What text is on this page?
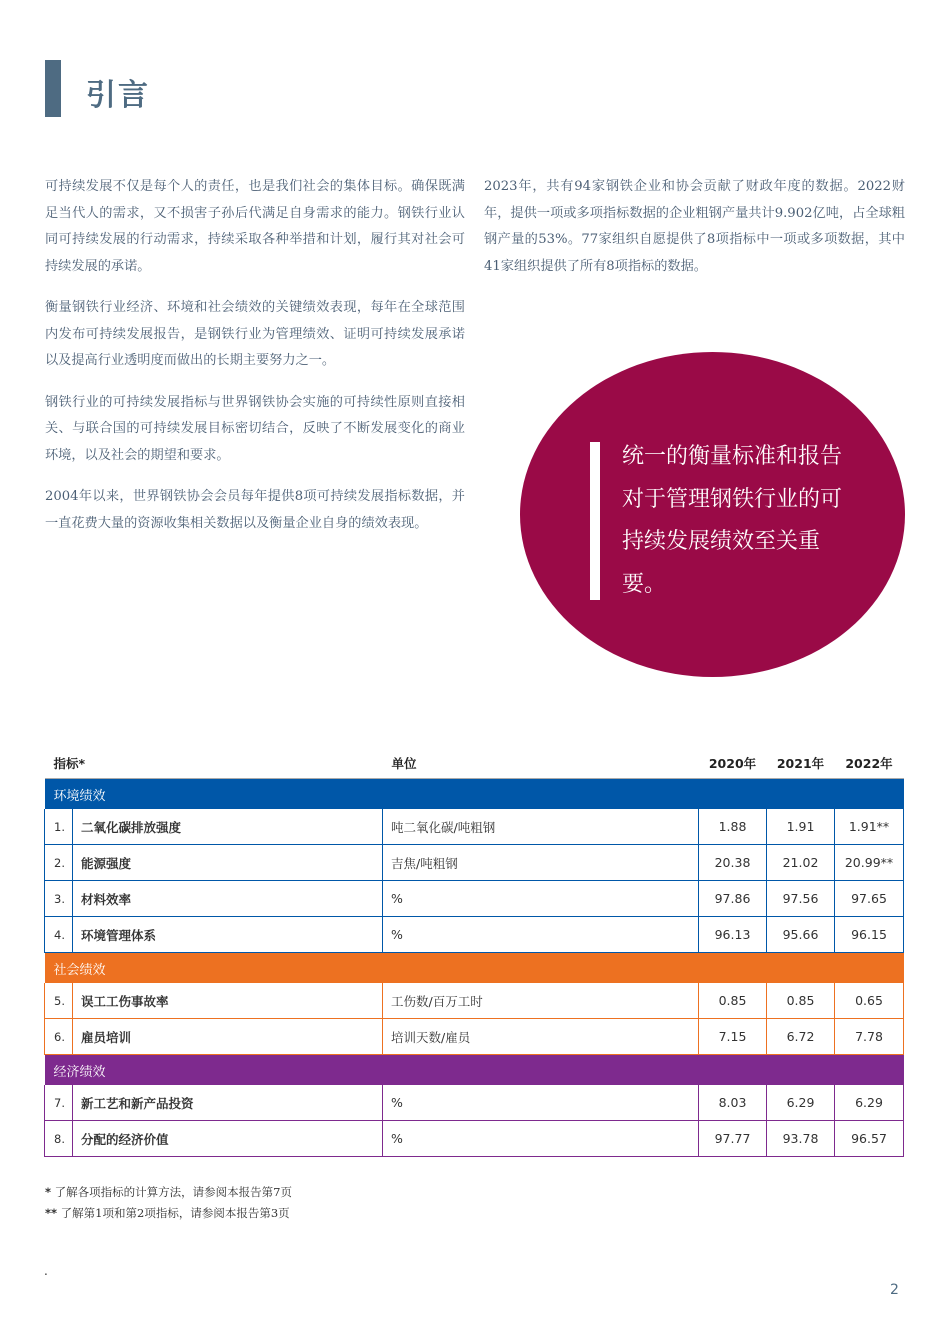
引言

可持续发展不仅是每个人的责任，也是我们社会的集体目标。确保既满足当代人的需求，又不损害子孙后代满足自身需求的能力。钢铁行业认同可持续发展的行动需求，持续采取各种举措和计划，履行其对社会可持续发展的承诺。

衡量钢铁行业经济、环境和社会绩效的关键绩效表现，每年在全球范围内发布可持续发展报告，是钢铁行业为管理绩效、证明可持续发展承诺以及提高行业透明度而做出的长期主要努力之一。

钢铁行业的可持续发展指标与世界钢铁协会实施的可持续性原则直接相关、与联合国的可持续发展目标密切结合，反映了不断发展变化的商业环境，以及社会的期望和要求。

2004年以来，世界钢铁协会会员每年提供8项可持续发展指标数据，并一直花费大量的资源收集相关数据以及衡量企业自身的绩效表现。

2023年，共有94家钢铁企业和协会贡献了财政年度的数据。2022财年，提供一项或多项指标数据的企业粗钢产量共计9.902亿吨，占全球粗钢产量的53%。77家组织自愿提供了8项指标中一项或多项数据，其中41家组织提供了所有8项指标的数据。

统一的衡量标准和报告对于管理钢铁行业的可持续发展绩效至关重要。
指标*		单位	2020年	2021年	2022年
环境绩效					
1.	二氧化碳排放强度	吨二氧化碳/吨粗钢	1.88	1.91	1.91**
2.	能源强度	吉焦/吨粗钢	20.38	21.02	20.99**
3.	材料效率	%	97.86	97.56	97.65
4.	环境管理体系	%	96.13	95.66	96.15
社会绩效					
5.	误工工伤事故率	工伤数/百万工时	0.85	0.85	0.65
6.	雇员培训	培训天数/雇员	7.15	6.72	7.78
经济绩效					
7.	新工艺和新产品投资	%	8.03	6.29	6.29
8.	分配的经济价值	%	97.77	93.78	96.57
* 了解各项指标的计算方法，请参阅本报告第7页
** 了解第1项和第2项指标，请参阅本报告第3页
.
2
